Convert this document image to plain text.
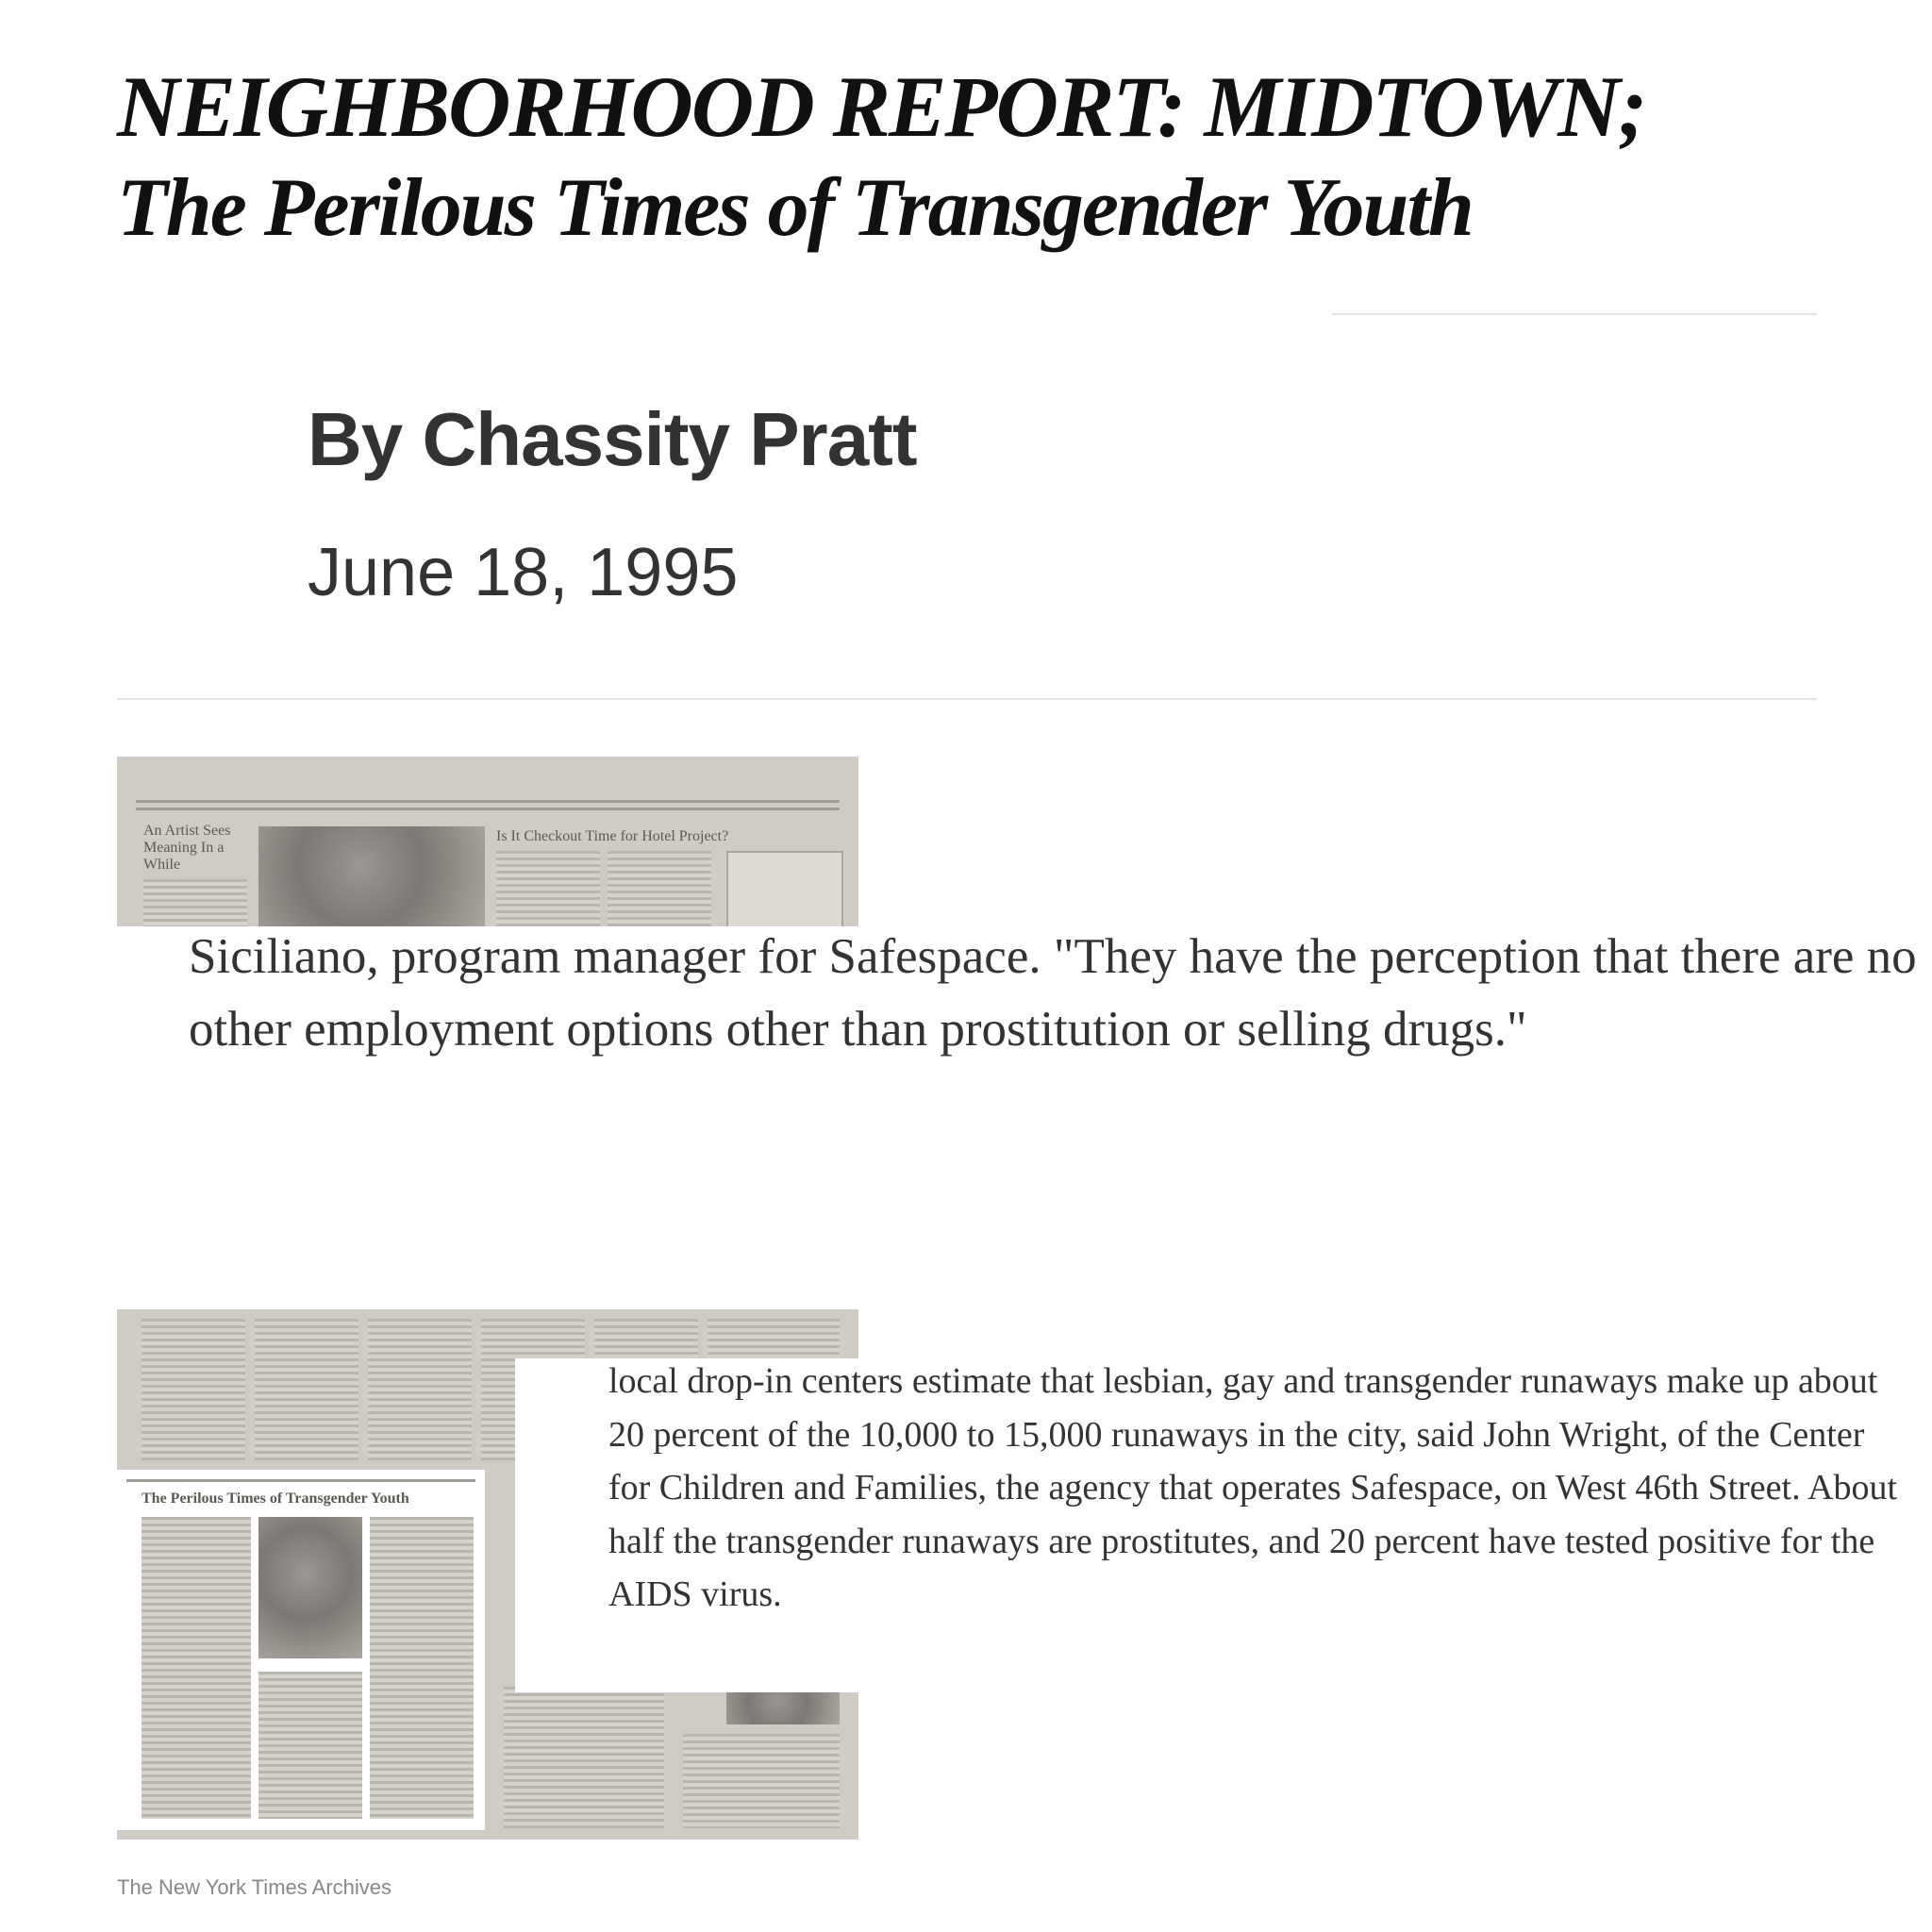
NEIGHBORHOOD REPORT: MIDTOWN;
The Perilous Times of Transgender Youth
By Chassity Pratt
June 18, 1995
An Artist Sees Meaning In a While
Is It Checkout Time for Hotel Project?

Siciliano, program manager for Safespace. "They have the perception that there are no other employment options other than prostitution or selling drugs."

The Perilous Times of Transgender Youth

local drop-in centers estimate that lesbian, gay and transgender runaways make up about 20 percent of the 10,000 to 15,000 runaways in the city, said John Wright, of the Center for Children and Families, the agency that operates Safespace, on West 46th Street. About half the transgender runaways are prostitutes, and 20 percent have tested positive for the AIDS virus.

The New York Times Archives
